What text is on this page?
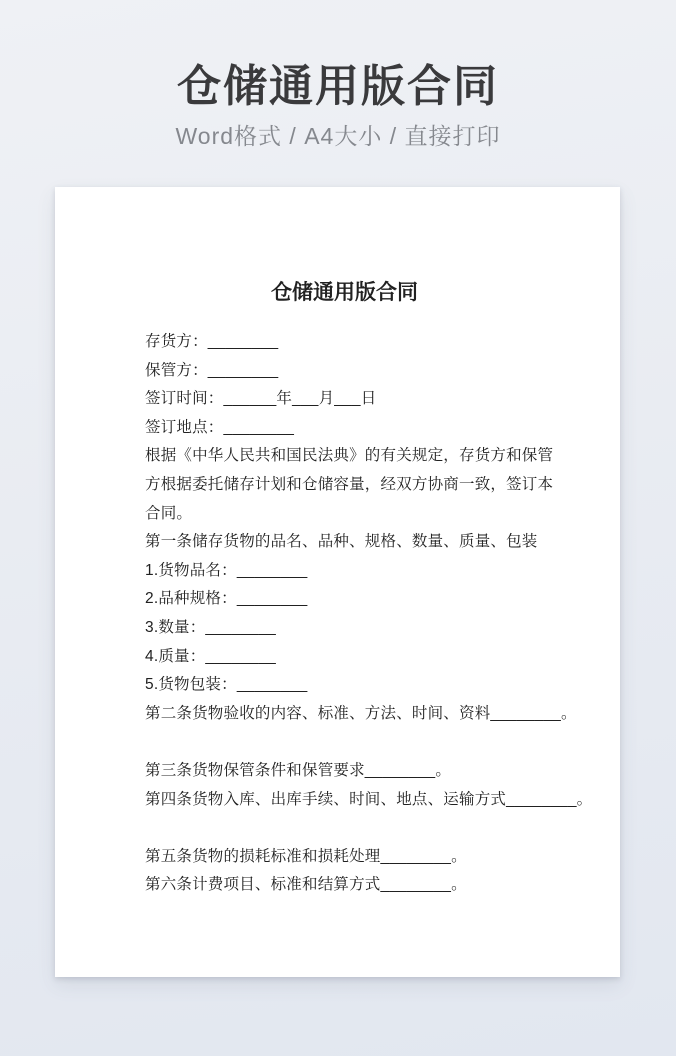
仓储通用版合同
Word格式 / A4大小 / 直接打印
仓储通用版合同
存货方：________
保管方：________
签订时间：______年___月___日
签订地点：________
根据《中华人民共和国民法典》的有关规定，存货方和保管
方根据委托储存计划和仓储容量，经双方协商一致，签订本
合同。
第一条储存货物的品名、品种、规格、数量、质量、包装
1.货物品名：________
2.品种规格：________
3.数量：________
4.质量：________
5.货物包装：________
第二条货物验收的内容、标准、方法、时间、资料________。
第三条货物保管条件和保管要求________。
第四条货物入库、出库手续、时间、地点、运输方式________。
第五条货物的损耗标准和损耗处理________。
第六条计费项目、标准和结算方式________。
